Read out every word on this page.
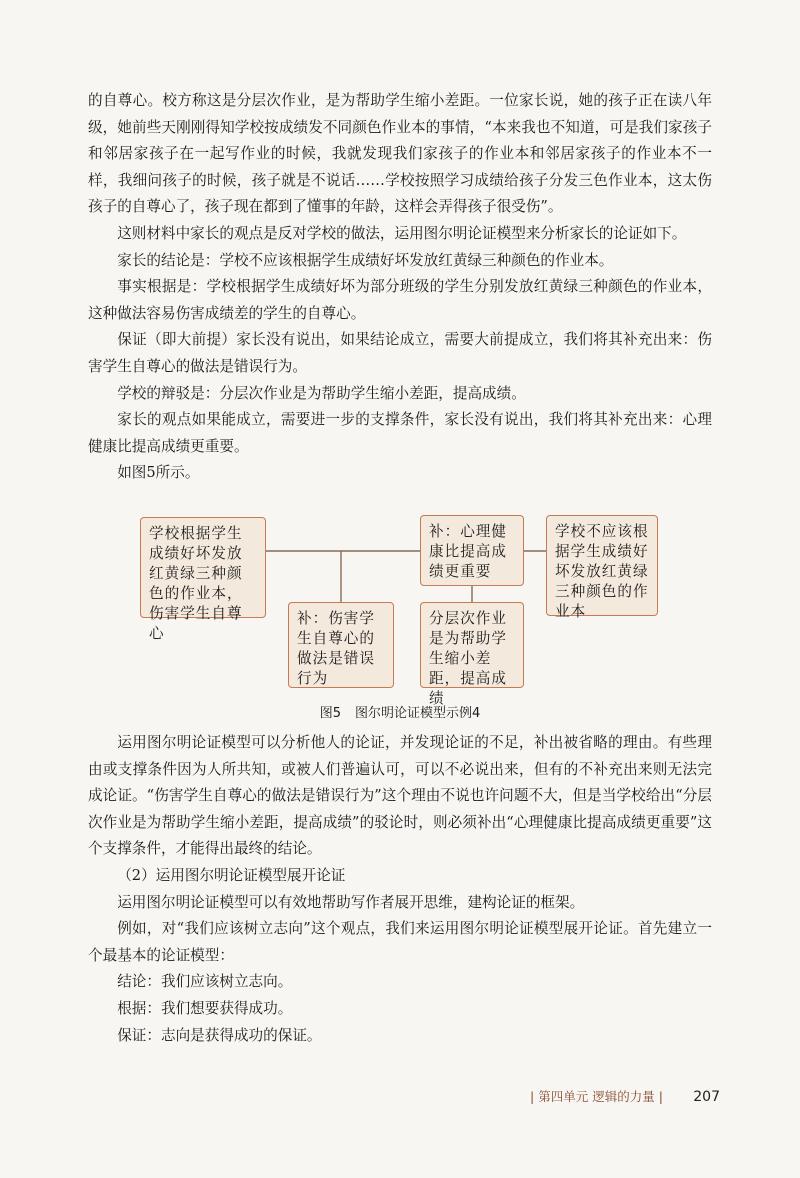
的自尊心。校方称这是分层次作业，是为帮助学生缩小差距。一位家长说，她的孩子正在读八年级，她前些天刚刚得知学校按成绩发不同颜色作业本的事情，“本来我也不知道，可是我们家孩子和邻居家孩子在一起写作业的时候，我就发现我们家孩子的作业本和邻居家孩子的作业本不一样，我细问孩子的时候，孩子就是不说话……学校按照学习成绩给孩子分发三色作业本，这太伤孩子的自尊心了，孩子现在都到了懂事的年龄，这样会弄得孩子很受伤”。

这则材料中家长的观点是反对学校的做法，运用图尔明论证模型来分析家长的论证如下。

家长的结论是：学校不应该根据学生成绩好坏发放红黄绿三种颜色的作业本。

事实根据是：学校根据学生成绩好坏为部分班级的学生分别发放红黄绿三种颜色的作业本，这种做法容易伤害成绩差的学生的自尊心。

保证（即大前提）家长没有说出，如果结论成立，需要大前提成立，我们将其补充出来：伤害学生自尊心的做法是错误行为。

学校的辩驳是：分层次作业是为帮助学生缩小差距，提高成绩。

家长的观点如果能成立，需要进一步的支撑条件，家长没有说出，我们将其补充出来：心理健康比提高成绩更重要。

如图5所示。

学校根据学生成绩好坏发放红黄绿三种颜色的作业本，伤害学生自尊心
补：伤害学生自尊心的做法是错误行为
补：心理健康比提高成绩更重要
分层次作业是为帮助学生缩小差距，提高成绩
学校不应该根据学生成绩好坏发放红黄绿三种颜色的作业本
图5 图尔明论证模型示例4

运用图尔明论证模型可以分析他人的论证，并发现论证的不足，补出被省略的理由。有些理由或支撑条件因为人所共知，或被人们普遍认可，可以不必说出来，但有的不补充出来则无法完成论证。“伤害学生自尊心的做法是错误行为”这个理由不说也许问题不大，但是当学校给出“分层次作业是为帮助学生缩小差距，提高成绩”的驳论时，则必须补出“心理健康比提高成绩更重要”这个支撑条件，才能得出最终的结论。

（2）运用图尔明论证模型展开论证

运用图尔明论证模型可以有效地帮助写作者展开思维，建构论证的框架。

例如，对“我们应该树立志向”这个观点，我们来运用图尔明论证模型展开论证。首先建立一个最基本的论证模型：

结论：我们应该树立志向。

根据：我们想要获得成功。

保证：志向是获得成功的保证。

| 第四单元 逻辑的力量 | 207
